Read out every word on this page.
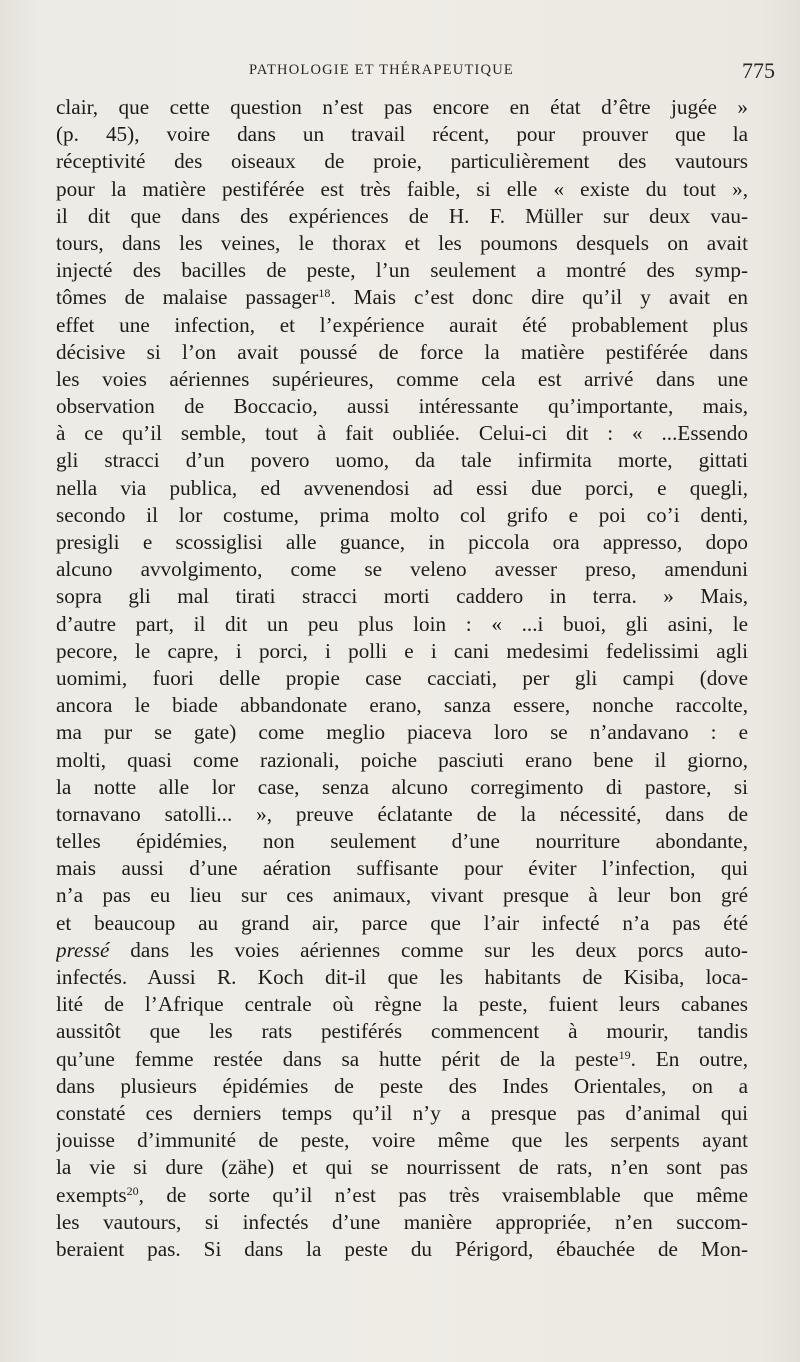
PATHOLOGIE ET THÉRAPEUTIQUE	775
clair, que cette question n’est pas encore en état d’être jugée »
(p. 45), voire dans un travail récent, pour prouver que la
réceptivité des oiseaux de proie, particulièrement des vautours
pour la matière pestiférée est très faible, si elle « existe du tout »,
il dit que dans des expériences de H. F. Müller sur deux vau-
tours, dans les veines, le thorax et les poumons desquels on avait
injecté des bacilles de peste, l’un seulement a montré des symp-
tômes de malaise passager$^{18}$. Mais c’est donc dire qu’il y avait en
effet une infection, et l’expérience aurait été probablement plus
décisive si l’on avait poussé de force la matière pestiférée dans
les voies aériennes supérieures, comme cela est arrivé dans une
observation de Boccacio, aussi intéressante qu’importante, mais,
à ce qu’il semble, tout à fait oubliée. Celui-ci dit : « ...Essendo
gli stracci d’un povero uomo, da tale infirmita morte, gittati
nella via publica, ed avvenendosi ad essi due porci, e quegli,
secondo il lor costume, prima molto col grifo e poi co’i denti,
presigli e scossiglisi alle guance, in piccola ora appresso, dopo
alcuno avvolgimento, come se veleno avesser preso, amenduni
sopra gli mal tirati stracci morti caddero in terra. » Mais,
d’autre part, il dit un peu plus loin : « ...i buoi, gli asini, le
pecore, le capre, i porci, i polli e i cani medesimi fedelissimi agli
uomimi, fuori delle propie case cacciati, per gli campi (dove
ancora le biade abbandonate erano, sanza essere, nonche raccolte,
ma pur se gate) come meglio piaceva loro se n’andavano : e
molti, quasi come razionali, poiche pasciuti erano bene il giorno,
la notte alle lor case, senza alcuno corregimento di pastore, si
tornavano satolli... », preuve éclatante de la nécessité, dans de
telles épidémies, non seulement d’une nourriture abondante,
mais aussi d’une aération suffisante pour éviter l’infection, qui
n’a pas eu lieu sur ces animaux, vivant presque à leur bon gré
et beaucoup au grand air, parce que l’air infecté n’a pas été
pressé dans les voies aériennes comme sur les deux porcs auto-
infectés. Aussi R. Koch dit-il que les habitants de Kisiba, loca-
lité de l’Afrique centrale où règne la peste, fuient leurs cabanes
aussitôt que les rats pestiférés commencent à mourir, tandis
qu’une femme restée dans sa hutte périt de la peste$^{19}$. En outre,
dans plusieurs épidémies de peste des Indes Orientales, on a
constaté ces derniers temps qu’il n’y a presque pas d’animal qui
jouisse d’immunité de peste, voire même que les serpents ayant
la vie si dure (zähe) et qui se nourrissent de rats, n’en sont pas
exempts$^{20}$, de sorte qu’il n’est pas très vraisemblable que même
les vautours, si infectés d’une manière appropriée, n’en succom-
beraient pas. Si dans la peste du Périgord, ébauchée de Mon-
